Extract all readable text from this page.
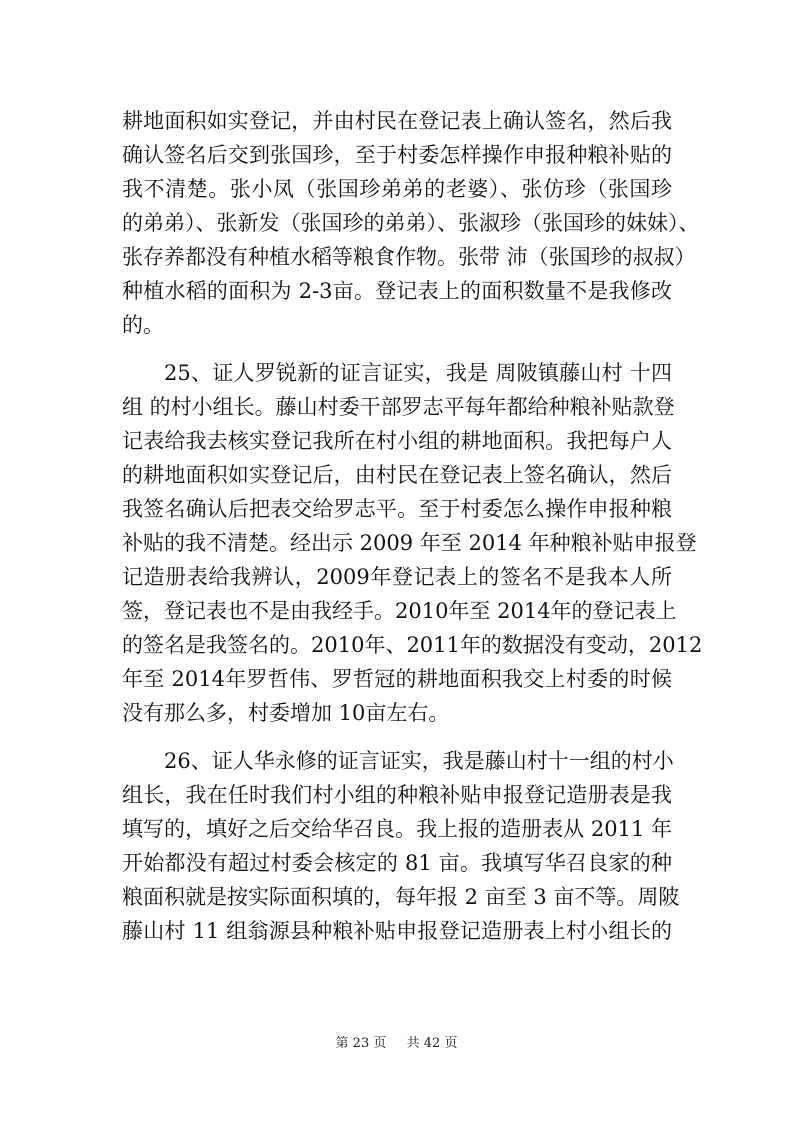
耕地面积如实登记，并由村民在登记表上确认签名，然后我
确认签名后交到张国珍，至于村委怎样操作申报种粮补贴的
我不清楚。张小凤（张国珍弟弟的老婆）、张仿珍（张国珍
的弟弟）、张新发（张国珍的弟弟）、张淑珍（张国珍的妹妹）、
张存养都没有种植水稻等粮食作物。张带 沛（张国珍的叔叔）
种植水稻的面积为 2-3亩。登记表上的面积数量不是我修改
的。
25、证人罗锐新的证言证实，我是 周陂镇藤山村 十四
组 的村小组长。藤山村委干部罗志平每年都给种粮补贴款登
记表给我去核实登记我所在村小组的耕地面积。我把每户人
的耕地面积如实登记后，由村民在登记表上签名确认，然后
我签名确认后把表交给罗志平。至于村委怎么操作申报种粮
补贴的我不清楚。经出示 2009 年至 2014 年种粮补贴申报登
记造册表给我辨认，2009年登记表上的签名不是我本人所
签，登记表也不是由我经手。2010年至 2014年的登记表上
的签名是我签名的。2010年、2011年的数据没有变动，2012
年至 2014年罗哲伟、罗哲冠的耕地面积我交上村委的时候
没有那么多，村委增加 10亩左右。
26、证人华永修的证言证实，我是藤山村十一组的村小
组长，我在任时我们村小组的种粮补贴申报登记造册表是我
填写的，填好之后交给华召良。我上报的造册表从 2011 年
开始都没有超过村委会核定的 81 亩。我填写华召良家的种
粮面积就是按实际面积填的，每年报 2 亩至 3 亩不等。周陂
藤山村 11 组翁源县种粮补贴申报登记造册表上村小组长的
第 23 页 共 42 页
